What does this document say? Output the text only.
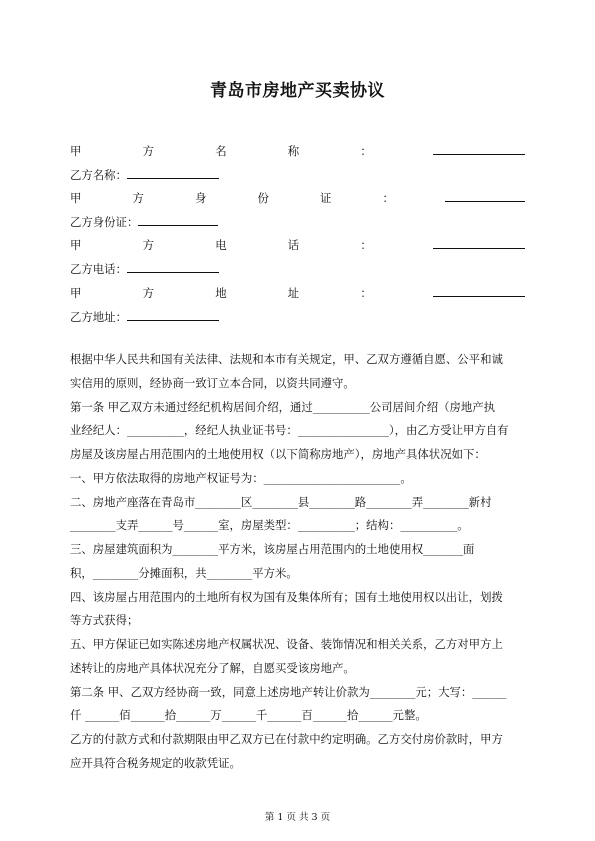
青岛市房地产买卖协议
甲	方	名	称	：
乙方名称：
甲	方	身	份	证	：
乙方身份证：
甲	方	电	话	：
乙方电话：
甲	方	地	址	：
乙方地址：
根据中华人民共和国有关法律、法规和本市有关规定，甲、乙双方遵循自愿、公平和诚
实信用的原则，经协商一致订立本合同，以资共同遵守。
第一条 甲乙双方未通过经纪机构居间介绍，通过__________公司居间介绍（房地产执
业经纪人：__________，经纪人执业证书号：________________），由乙方受让甲方自有
房屋及该房屋占用范围内的土地使用权（以下简称房地产），房地产具体状况如下：
一、甲方依法取得的房地产权证号为：________________________。
二、房地产座落在青岛市________区________县________路________弄________新村
________支弄______号______室，房屋类型：__________；结构：__________。
三、房屋建筑面积为________平方米，该房屋占用范围内的土地使用权_______面
积，________分摊面积，共________平方米。
四、该房屋占用范围内的土地所有权为国有及集体所有；国有土地使用权以出让，划拨
等方式获得；
五、甲方保证已如实陈述房地产权属状况、设备、装饰情况和相关关系，乙方对甲方上
述转让的房地产具体状况充分了解，自愿买受该房地产。
第二条 甲、乙双方经协商一致，同意上述房地产转让价款为________元；大写：______
仟 ______佰______拾______万______千______百______拾______元整。
乙方的付款方式和付款期限由甲乙双方已在付款中约定明确。乙方交付房价款时，甲方
应开具符合税务规定的收款凭证。
第 1 页 共 3 页
